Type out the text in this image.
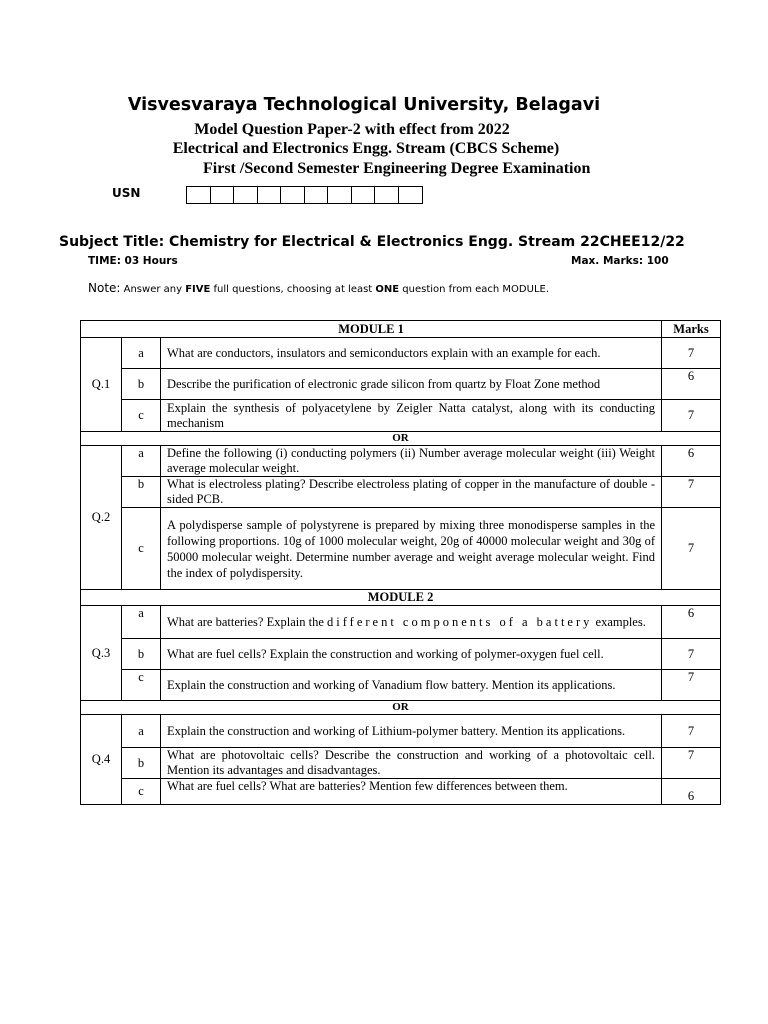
Visvesvaraya Technological University, Belagavi
Model Question Paper-2 with effect from 2022
Electrical and Electronics Engg. Stream (CBCS Scheme)
First /Second Semester Engineering Degree Examination
USN
Subject Title: Chemistry for Electrical & Electronics Engg. Stream 22CHEE12/22
TIME: 03 Hours	Max. Marks: 100
Note: Answer any FIVE full questions, choosing at least ONE question from each MODULE.
MODULE 1			Marks
Q.1	a	What are conductors, insulators and semiconductors explain with an example for each.	7
	b	Describe the purification of electronic grade silicon from quartz by Float Zone method	6
	c	Explain the synthesis of polyacetylene by Zeigler Natta catalyst, along with its conducting mechanism	7
OR			
Q.2	a	Define the following (i) conducting polymers (ii) Number average molecular weight (iii) Weight average molecular weight.	6
	b	What is electroless plating? Describe electroless plating of copper in the manufacture of double - sided PCB.	7
	c	A polydisperse sample of polystyrene is prepared by mixing three monodisperse samples in the following proportions. 10g of 1000 molecular weight, 20g of 40000 molecular weight and 30g of 50000 molecular weight. Determine number average and weight average molecular weight. Find the index of polydispersity.	7
MODULE 2			
Q.3	a	What are batteries? Explain the different components of a battery examples.	6
	b	What are fuel cells? Explain the construction and working of polymer-oxygen fuel cell.	7
	c	Explain the construction and working of Vanadium flow battery. Mention its applications.	7
OR			
Q.4	a	Explain the construction and working of Lithium-polymer battery. Mention its applications.	7
	b	What are photovoltaic cells? Describe the construction and working of a photovoltaic cell. Mention its advantages and disadvantages.	7
	c	What are fuel cells? What are batteries? Mention few differences between them.	6
